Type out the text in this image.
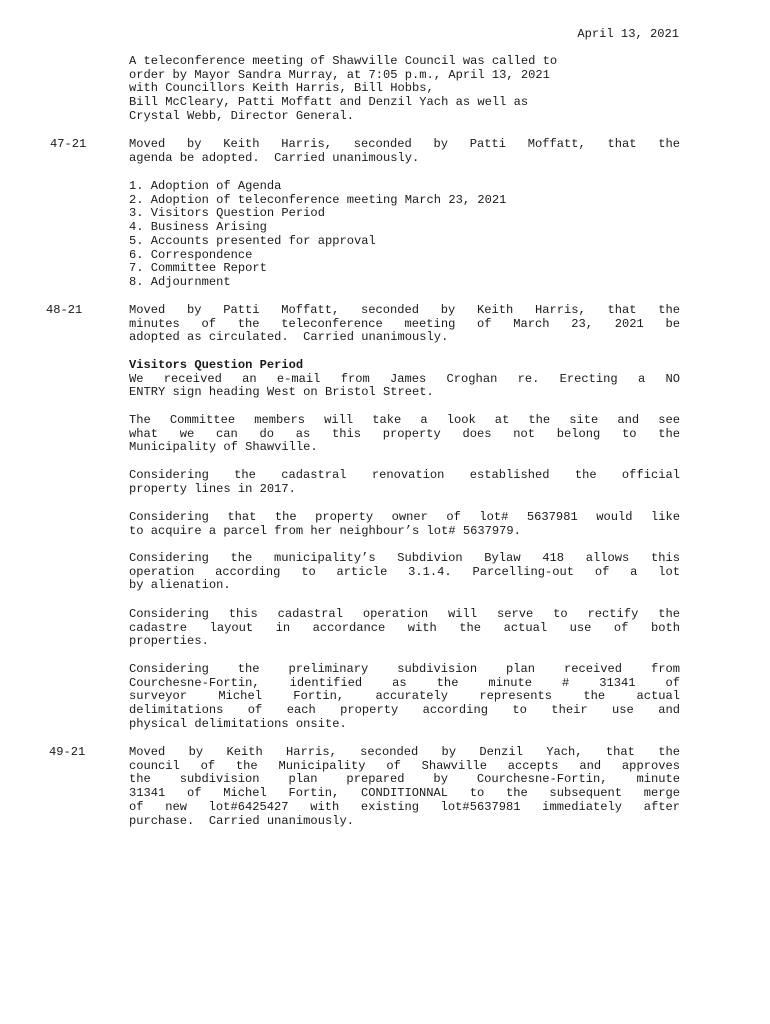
April 13, 2021
A teleconference meeting of Shawville Council was called to
order by Mayor Sandra Murray, at 7:05 p.m., April 13, 2021
with Councillors Keith Harris, Bill Hobbs,
Bill McCleary, Patti Moffatt and Denzil Yach as well as
Crystal Webb, Director General.
47-21	Moved by Keith Harris, seconded by Patti Moffatt, that the
agenda be adopted.  Carried unanimously.
1. Adoption of Agenda
2. Adoption of teleconference meeting March 23, 2021
3. Visitors Question Period
4. Business Arising
5. Accounts presented for approval
6. Correspondence
7. Committee Report
8. Adjournment
48-21	Moved by Patti Moffatt, seconded by Keith Harris, that the
minutes of the teleconference meeting of March 23, 2021 be
adopted as circulated.  Carried unanimously.
Visitors Question Period
We received an e-mail from James Croghan re. Erecting a NO
ENTRY sign heading West on Bristol Street.
The Committee members will take a look at the site and see
what we can do as this property does not belong to the
Municipality of Shawville.
Considering the cadastral renovation established the official
property lines in 2017.
Considering that the property owner of lot# 5637981 would like
to acquire a parcel from her neighbour’s lot# 5637979.
Considering the municipality’s Subdivion Bylaw 418 allows this
operation according to article 3.1.4. Parcelling-out of a lot
by alienation.
Considering this cadastral operation will serve to rectify the
cadastre layout in accordance with the actual use of both
properties.
Considering the preliminary subdivision plan received from
Courchesne-Fortin, identified as the minute # 31341 of
surveyor Michel Fortin, accurately represents the actual
delimitations of each property according to their use and
physical delimitations onsite.
49-21	Moved by Keith Harris, seconded by Denzil Yach, that the
council of the Municipality of Shawville accepts and approves
the subdivision plan prepared by Courchesne-Fortin, minute
31341 of Michel Fortin, CONDITIONNAL to the subsequent merge
of new lot#6425427 with existing lot#5637981 immediately after
purchase.  Carried unanimously.
